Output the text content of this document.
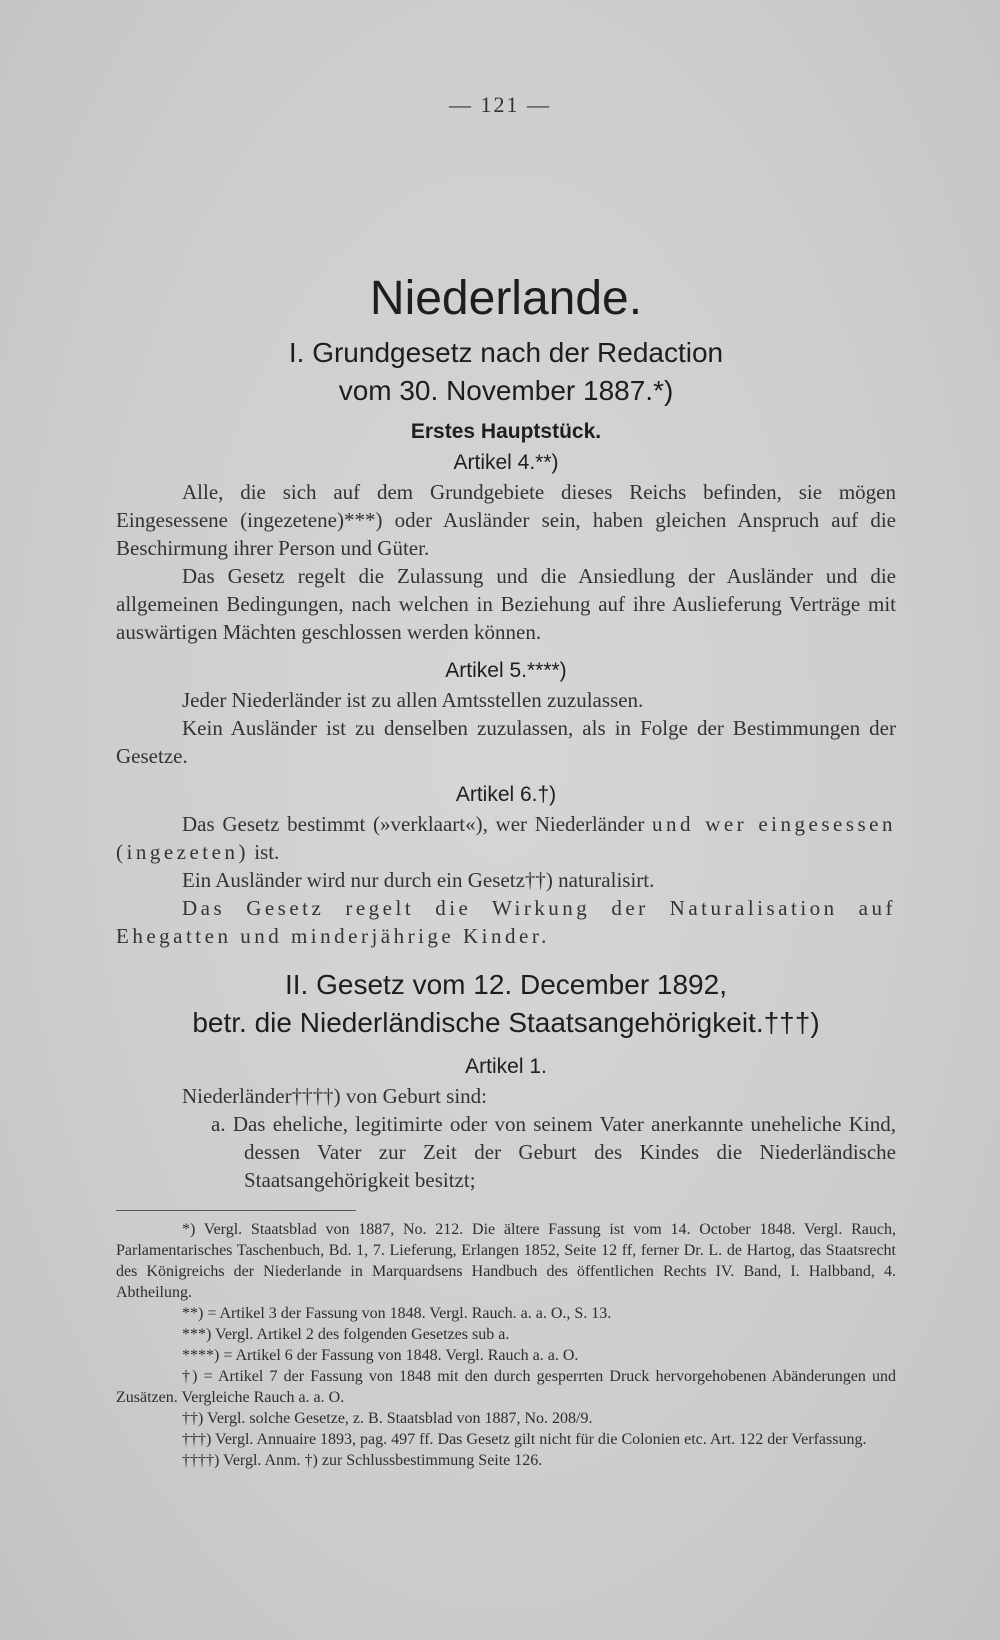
— 121 —
Niederlande.
I. Grundgesetz nach der Redaction
vom 30. November 1887.*)
Erstes Hauptstück.
Artikel 4.**)

Alle, die sich auf dem Grundgebiete dieses Reichs befinden, sie mögen Eingesessene (ingezetene)***) oder Ausländer sein, haben gleichen Anspruch auf die Beschirmung ihrer Person und Güter.

Das Gesetz regelt die Zulassung und die Ansiedlung der Ausländer und die allgemeinen Bedingungen, nach welchen in Beziehung auf ihre Auslieferung Verträge mit auswärtigen Mächten geschlossen werden können.

Artikel 5.****)

Jeder Niederländer ist zu allen Amtsstellen zuzulassen.

Kein Ausländer ist zu denselben zuzulassen, als in Folge der Bestimmungen der Gesetze.

Artikel 6.†)

Das Gesetz bestimmt (»verklaart«), wer Niederländer und wer eingesessen (ingezeten) ist.

Ein Ausländer wird nur durch ein Gesetz††) naturalisirt.

Das Gesetz regelt die Wirkung der Naturalisation auf Ehegatten und minderjährige Kinder.

II. Gesetz vom 12. December 1892,
betr. die Niederländische Staatsangehörigkeit.†††)
Artikel 1.

Niederländer††††) von Geburt sind:

a. Das eheliche, legitimirte oder von seinem Vater anerkannte uneheliche Kind, dessen Vater zur Zeit der Geburt des Kindes die Niederländische Staatsangehörigkeit besitzt;

*) Vergl. Staatsblad von 1887, No. 212. Die ältere Fassung ist vom 14. October 1848. Vergl. Rauch, Parlamentarisches Taschenbuch, Bd. 1, 7. Lieferung, Erlangen 1852, Seite 12 ff, ferner Dr. L. de Hartog, das Staatsrecht des Königreichs der Niederlande in Marquardsens Handbuch des öffentlichen Rechts IV. Band, I. Halbband, 4. Abtheilung.

**) = Artikel 3 der Fassung von 1848. Vergl. Rauch. a. a. O., S. 13.

***) Vergl. Artikel 2 des folgenden Gesetzes sub a.

****) = Artikel 6 der Fassung von 1848. Vergl. Rauch a. a. O.

†) = Artikel 7 der Fassung von 1848 mit den durch gesperrten Druck hervorgehobenen Abänderungen und Zusätzen. Vergleiche Rauch a. a. O.

††) Vergl. solche Gesetze, z. B. Staatsblad von 1887, No. 208/9.

†††) Vergl. Annuaire 1893, pag. 497 ff. Das Gesetz gilt nicht für die Colonien etc. Art. 122 der Verfassung.

††††) Vergl. Anm. †) zur Schlussbestimmung Seite 126.
